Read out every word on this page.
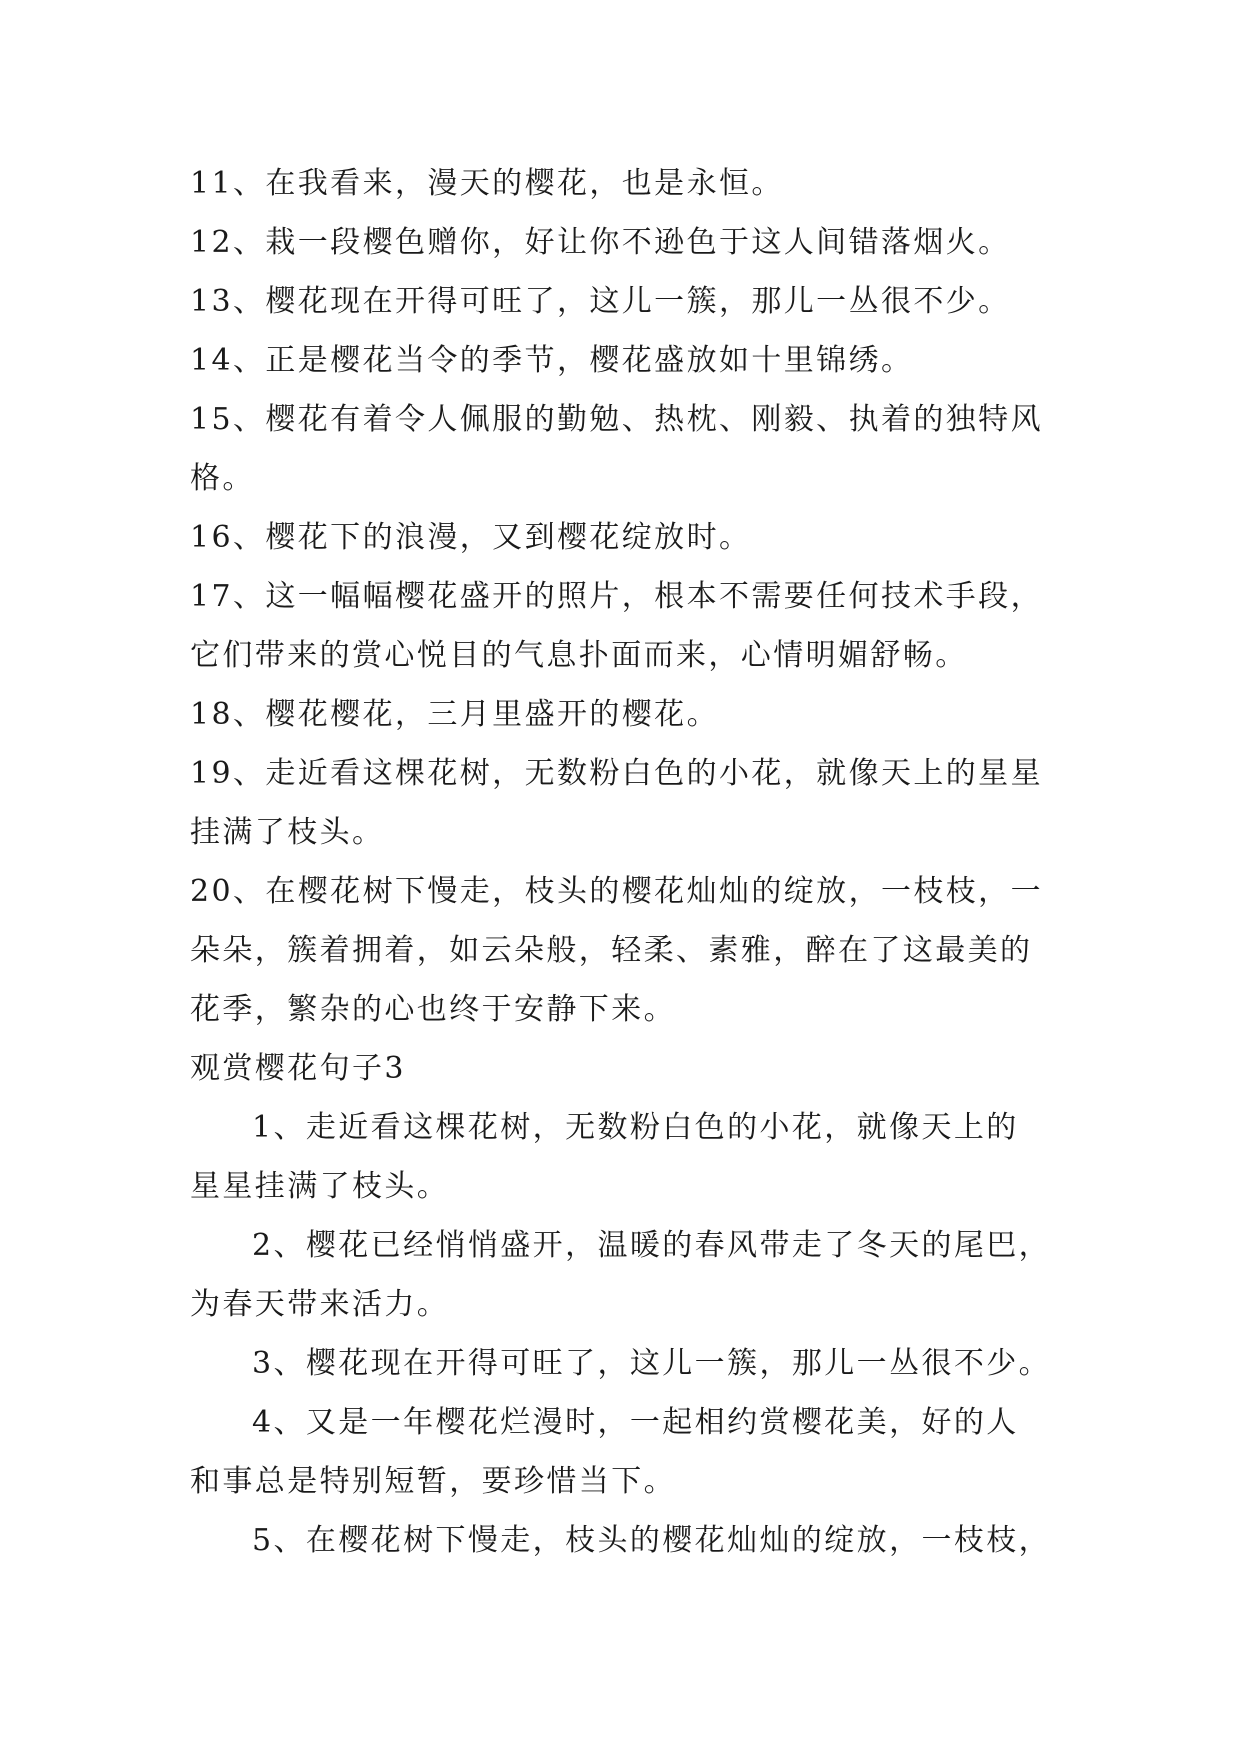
11、在我看来，漫天的樱花，也是永恒。
12、栽一段樱色赠你，好让你不逊色于这人间错落烟火。
13、樱花现在开得可旺了，这儿一簇，那儿一丛很不少。
14、正是樱花当令的季节，樱花盛放如十里锦绣。
15、樱花有着令人佩服的勤勉、热枕、刚毅、执着的独特风
格。
16、樱花下的浪漫，又到樱花绽放时。
17、这一幅幅樱花盛开的照片，根本不需要任何技术手段，
它们带来的赏心悦目的气息扑面而来，心情明媚舒畅。
18、樱花樱花，三月里盛开的樱花。
19、走近看这棵花树，无数粉白色的小花，就像天上的星星
挂满了枝头。
20、在樱花树下慢走，枝头的樱花灿灿的绽放，一枝枝，一
朵朵，簇着拥着，如云朵般，轻柔、素雅，醉在了这最美的
花季，繁杂的心也终于安静下来。
观赏樱花句子3
1、走近看这棵花树，无数粉白色的小花，就像天上的
星星挂满了枝头。
2、樱花已经悄悄盛开，温暖的春风带走了冬天的尾巴，
为春天带来活力。
3、樱花现在开得可旺了，这儿一簇，那儿一丛很不少。
4、又是一年樱花烂漫时，一起相约赏樱花美，好的人
和事总是特别短暂，要珍惜当下。
5、在樱花树下慢走，枝头的樱花灿灿的绽放，一枝枝，
